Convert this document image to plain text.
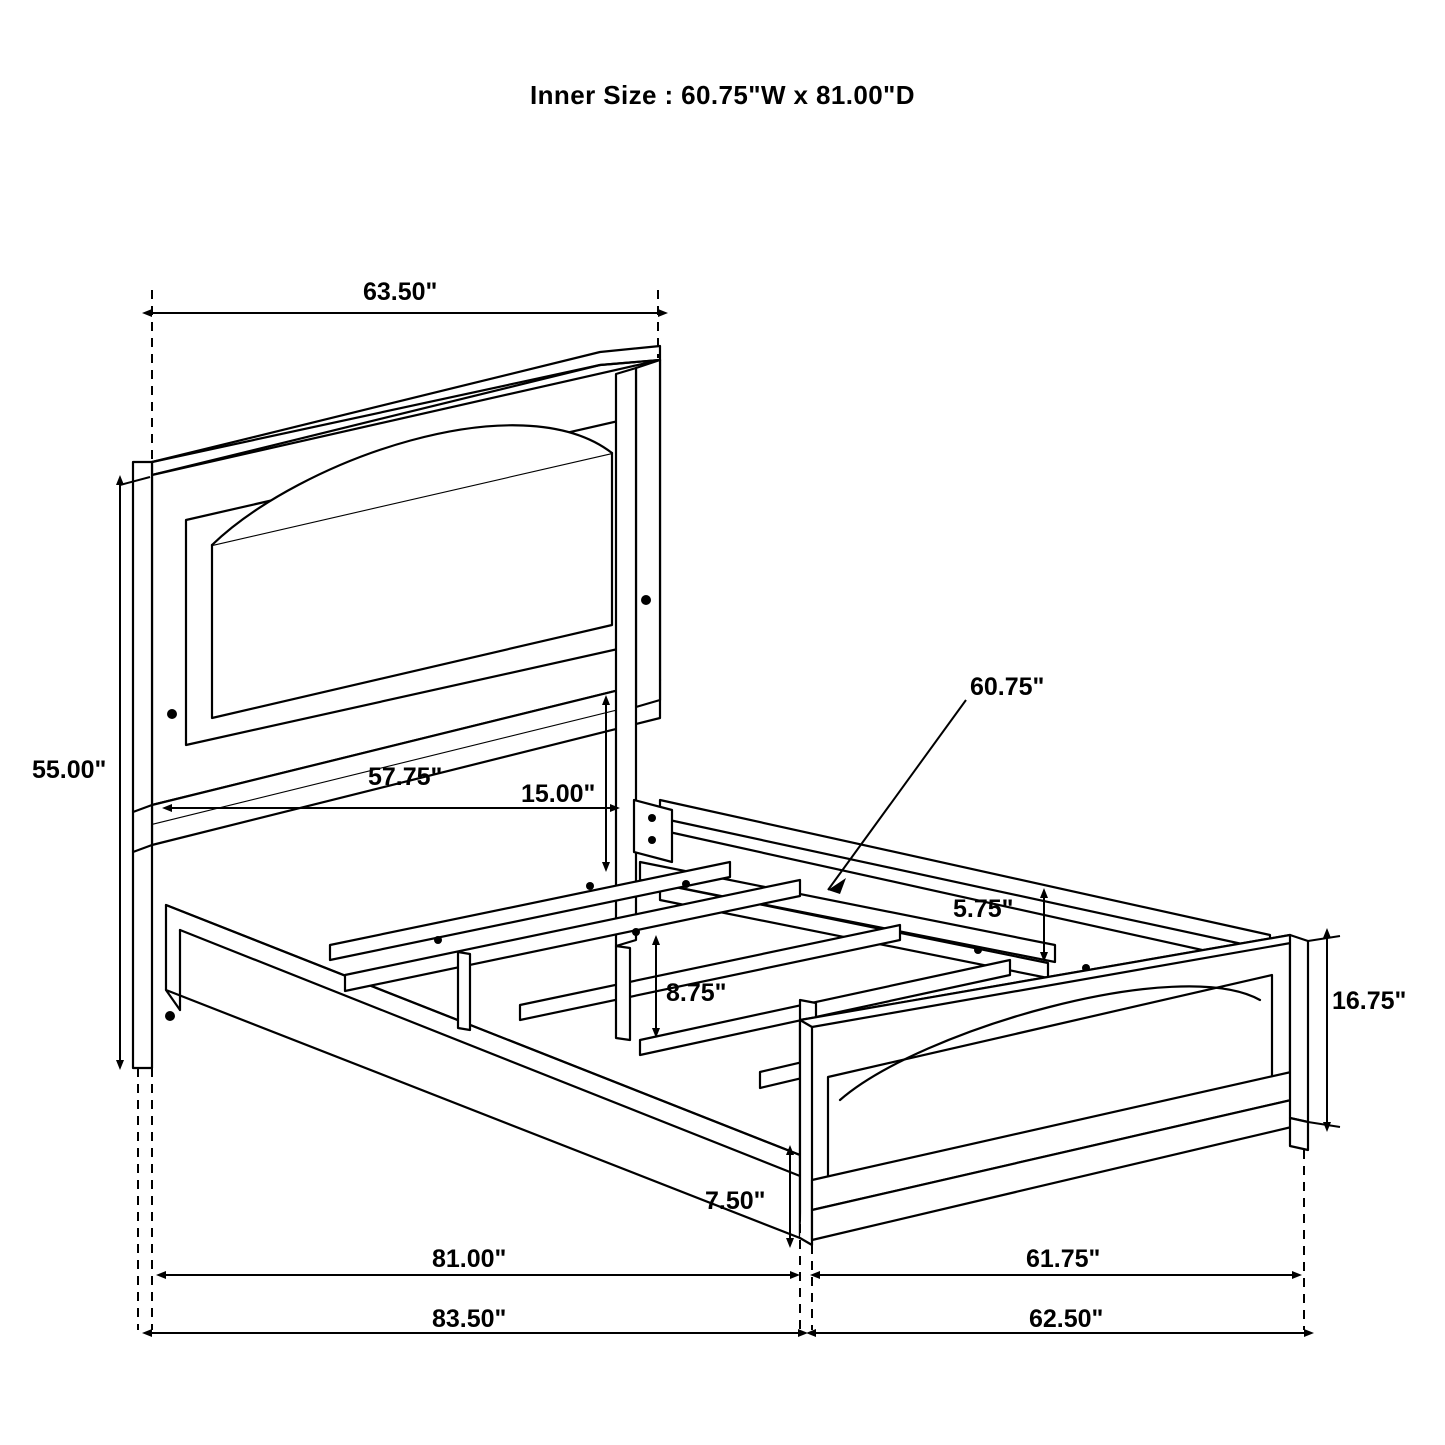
Inner Size : 60.75"W x 81.00"D
63.50"
55.00"	57.75"
15.00"
60.75"
5.75"
8.75"	16.75"
7.50"
81.00"	61.75"
83.50"	62.50"
